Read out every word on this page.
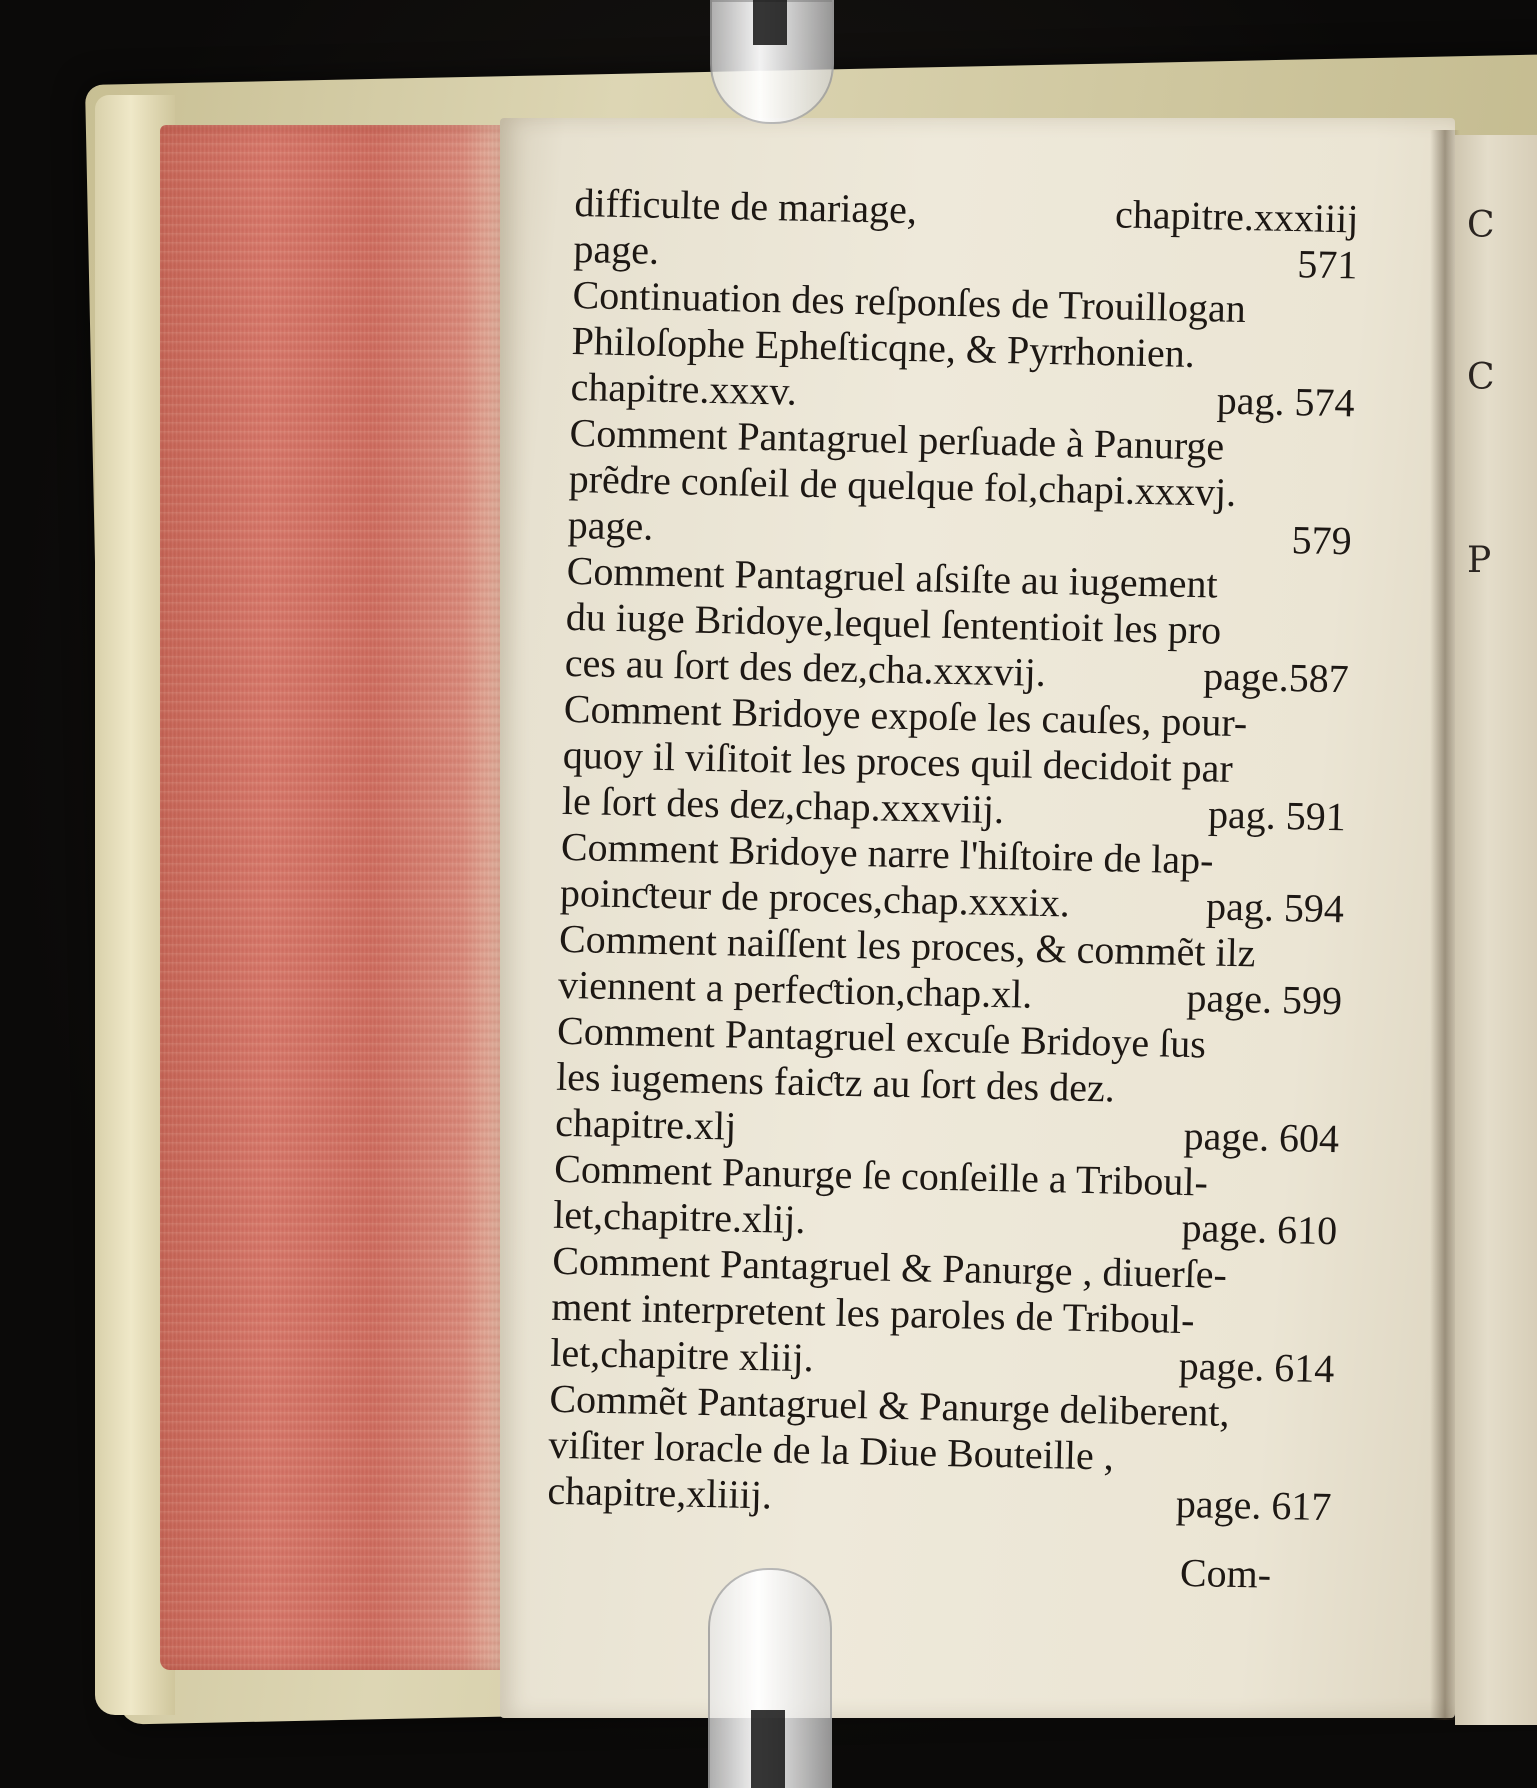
C
C
P
difficulte de mariage,	chapitre.xxxiiij
page.	571
Continuation des reſponſes de Trouillogan
Philoſophe Epheſticqne, & Pyrrhonien.
chapitre.xxxv.	pag. 574
Comment Pantagruel perſuade à Panurge
prẽdre conſeil de quelque fol,chapi.xxxvj.
page.	579
Comment Pantagruel aſsiſte au iugement
du iuge Bridoye,lequel ſententioit les pro
ces au ſort des dez,cha.xxxvij.	page.587
Comment Bridoye expoſe les cauſes, pour-
quoy il viſitoit les proces quil decidoit par
le ſort des dez,chap.xxxviij.	pag. 591
Comment Bridoye narre l'hiſtoire de lap-
poinƈteur de proces,chap.xxxix.	pag. 594
Comment naiſſent les proces, & commẽt ilz
viennent a perfeƈtion,chap.xl.	page. 599
Comment Pantagruel excuſe Bridoye ſus
les iugemens faiƈtz au ſort des dez.
chapitre.xlj	page. 604
Comment Panurge ſe conſeille a Triboul-
let,chapitre.xlij.	page. 610
Comment Pantagruel & Panurge , diuerſe-
ment interpretent les paroles de Triboul-
let,chapitre xliij.	page. 614
Commẽt Pantagruel & Panurge deliberent,
viſiter loracle de la Diue Bouteille ,
chapitre,xliiij.	page. 617
Com-
